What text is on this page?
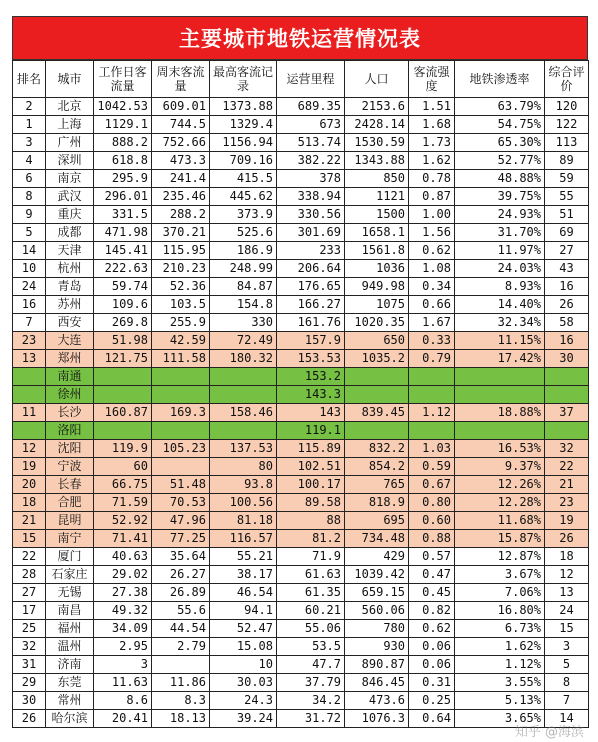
主要城市地铁运营情况表
排名	城市	工作日客流量	周末客流量	最高客流记录	运营里程	人口	客流强度	地铁渗透率	综合评价
2	北京	1042.53	609.01	1373.88	689.35	2153.6	1.51	63.79%	120
1	上海	1129.1	744.5	1329.4	673	2428.14	1.68	54.75%	122
3	广州	888.2	752.66	1156.94	513.74	1530.59	1.73	65.30%	113
4	深圳	618.8	473.3	709.16	382.22	1343.88	1.62	52.77%	89
6	南京	295.9	241.4	415.5	378	850	0.78	48.88%	59
8	武汉	296.01	235.46	445.62	338.94	1121	0.87	39.75%	55
9	重庆	331.5	288.2	373.9	330.56	1500	1.00	24.93%	51
5	成都	471.98	370.21	525.6	301.69	1658.1	1.56	31.70%	69
14	天津	145.41	115.95	186.9	233	1561.8	0.62	11.97%	27
10	杭州	222.63	210.23	248.99	206.64	1036	1.08	24.03%	43
24	青岛	59.74	52.36	84.87	176.65	949.98	0.34	8.93%	16
16	苏州	109.6	103.5	154.8	166.27	1075	0.66	14.40%	26
7	西安	269.8	255.9	330	161.76	1020.35	1.67	32.34%	58
23	大连	51.98	42.59	72.49	157.9	650	0.33	11.15%	16
13	郑州	121.75	111.58	180.32	153.53	1035.2	0.79	17.42%	30
	南通				153.2				
	徐州				143.3				
11	长沙	160.87	169.3	158.46	143	839.45	1.12	18.88%	37
	洛阳				119.1				
12	沈阳	119.9	105.23	137.53	115.89	832.2	1.03	16.53%	32
19	宁波	60		80	102.51	854.2	0.59	9.37%	22
20	长春	66.75	51.48	93.8	100.17	765	0.67	12.26%	21
18	合肥	71.59	70.53	100.56	89.58	818.9	0.80	12.28%	23
21	昆明	52.92	47.96	81.18	88	695	0.60	11.68%	19
15	南宁	71.41	77.25	116.57	81.2	734.48	0.88	15.87%	26
22	厦门	40.63	35.64	55.21	71.9	429	0.57	12.87%	18
28	石家庄	29.02	26.27	38.17	61.63	1039.42	0.47	3.67%	12
27	无锡	27.38	26.89	46.54	61.35	659.15	0.45	7.06%	13
17	南昌	49.32	55.6	94.1	60.21	560.06	0.82	16.80%	24
25	福州	34.09	44.54	52.47	55.06	780	0.62	6.73%	15
32	温州	2.95	2.79	15.08	53.5	930	0.06	1.62%	3
31	济南	3		10	47.7	890.87	0.06	1.12%	5
29	东莞	11.63	11.86	30.03	37.79	846.45	0.31	3.55%	8
30	常州	8.6	8.3	24.3	34.2	473.6	0.25	5.13%	7
26	哈尔滨	20.41	18.13	39.24	31.72	1076.3	0.64	3.65%	14
知乎 @海滨
